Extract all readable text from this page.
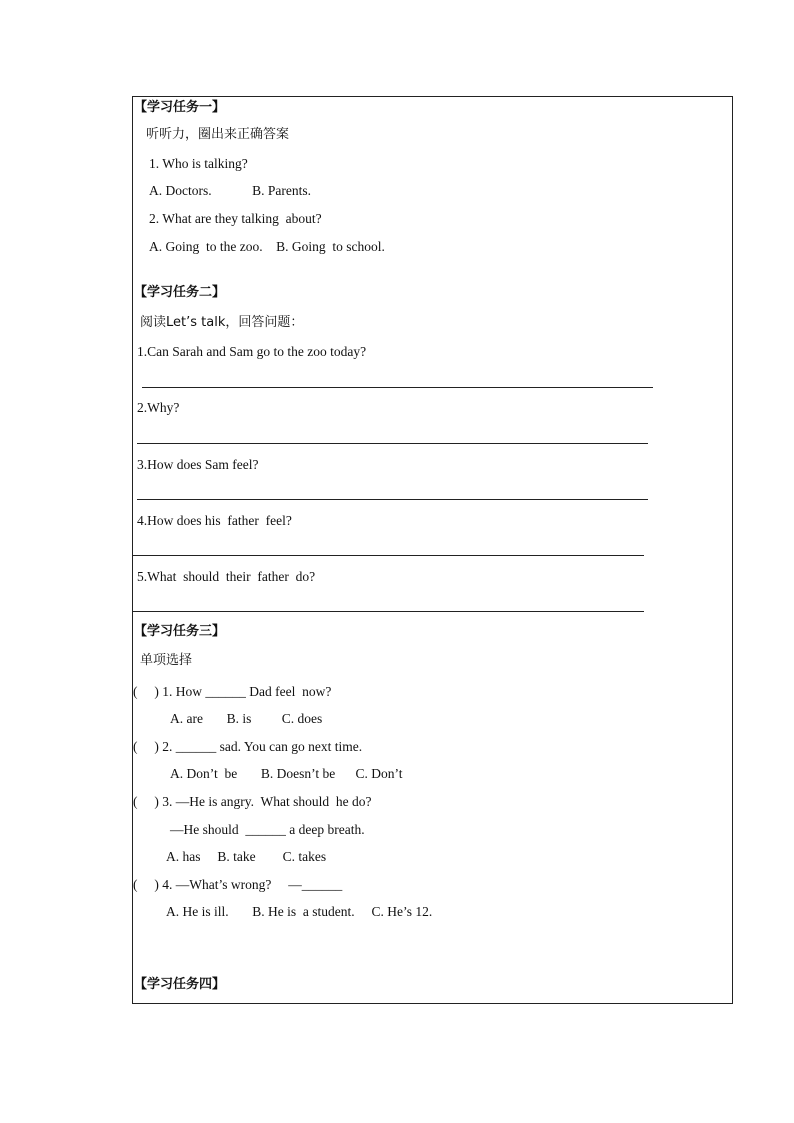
【学习任务一】
听听力，圈出来正确答案
1. Who is talking?
A. Doctors.            B. Parents.
2. What are they talking  about?
A. Going  to the zoo.    B. Going  to school.
【学习任务二】
阅读Let’s talk，回答问题：
1.Can Sarah and Sam go to the zoo today?
2.Why?
3.How does Sam feel?
4.How does his  father  feel?
5.What  should  their  father  do?
【学习任务三】
单项选择
(     ) 1. How ______ Dad feel  now?
A. are       B. is         C. does
(     ) 2. ______ sad. You can go next time.
A. Don’t  be       B. Doesn’t be      C. Don’t
(     ) 3. —He is angry.  What should  he do?
—He should  ______ a deep breath.
A. has     B. take        C. takes
(     ) 4. —What’s wrong?     —______
A. He is ill.       B. He is  a student.     C. He’s 12.
【学习任务四】
